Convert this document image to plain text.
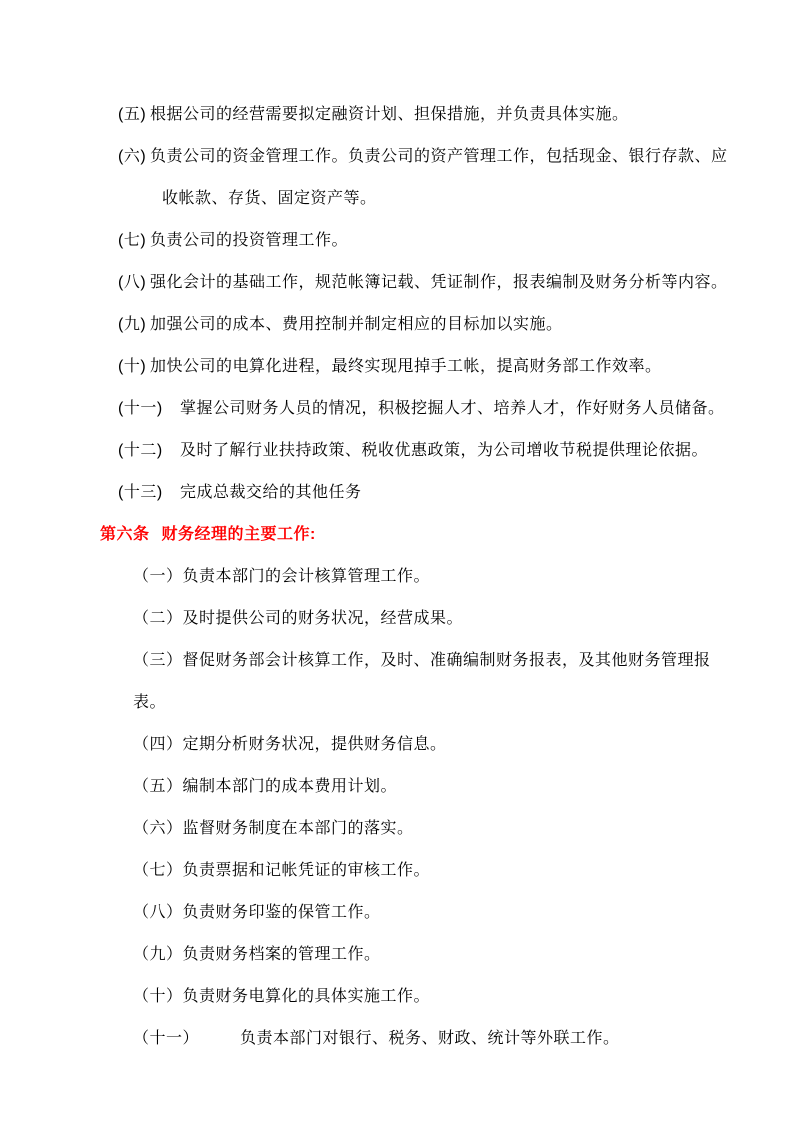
(五) 根据公司的经营需要拟定融资计划、担保措施，并负责具体实施。

(六) 负责公司的资金管理工作。负责公司的资产管理工作，包括现金、银行存款、应收帐款、存货、固定资产等。

(七) 负责公司的投资管理工作。

(八) 强化会计的基础工作，规范帐簿记载、凭证制作，报表编制及财务分析等内容。

(九) 加强公司的成本、费用控制并制定相应的目标加以实施。

(十) 加快公司的电算化进程，最终实现甩掉手工帐，提高财务部工作效率。

(十一) 掌握公司财务人员的情况，积极挖掘人才、培养人才，作好财务人员储备。

(十二) 及时了解行业扶持政策、税收优惠政策，为公司增收节税提供理论依据。

(十三) 完成总裁交给的其他任务

第六条 财务经理的主要工作:

（一）负责本部门的会计核算管理工作。

（二）及时提供公司的财务状况，经营成果。

（三）督促财务部会计核算工作，及时、准确编制财务报表，及其他财务管理报表。

（四）定期分析财务状况，提供财务信息。

（五）编制本部门的成本费用计划。

（六）监督财务制度在本部门的落实。

（七）负责票据和记帐凭证的审核工作。

（八）负责财务印鉴的保管工作。

（九）负责财务档案的管理工作。

（十）负责财务电算化的具体实施工作。

（十一）	负责本部门对银行、税务、财政、统计等外联工作。
